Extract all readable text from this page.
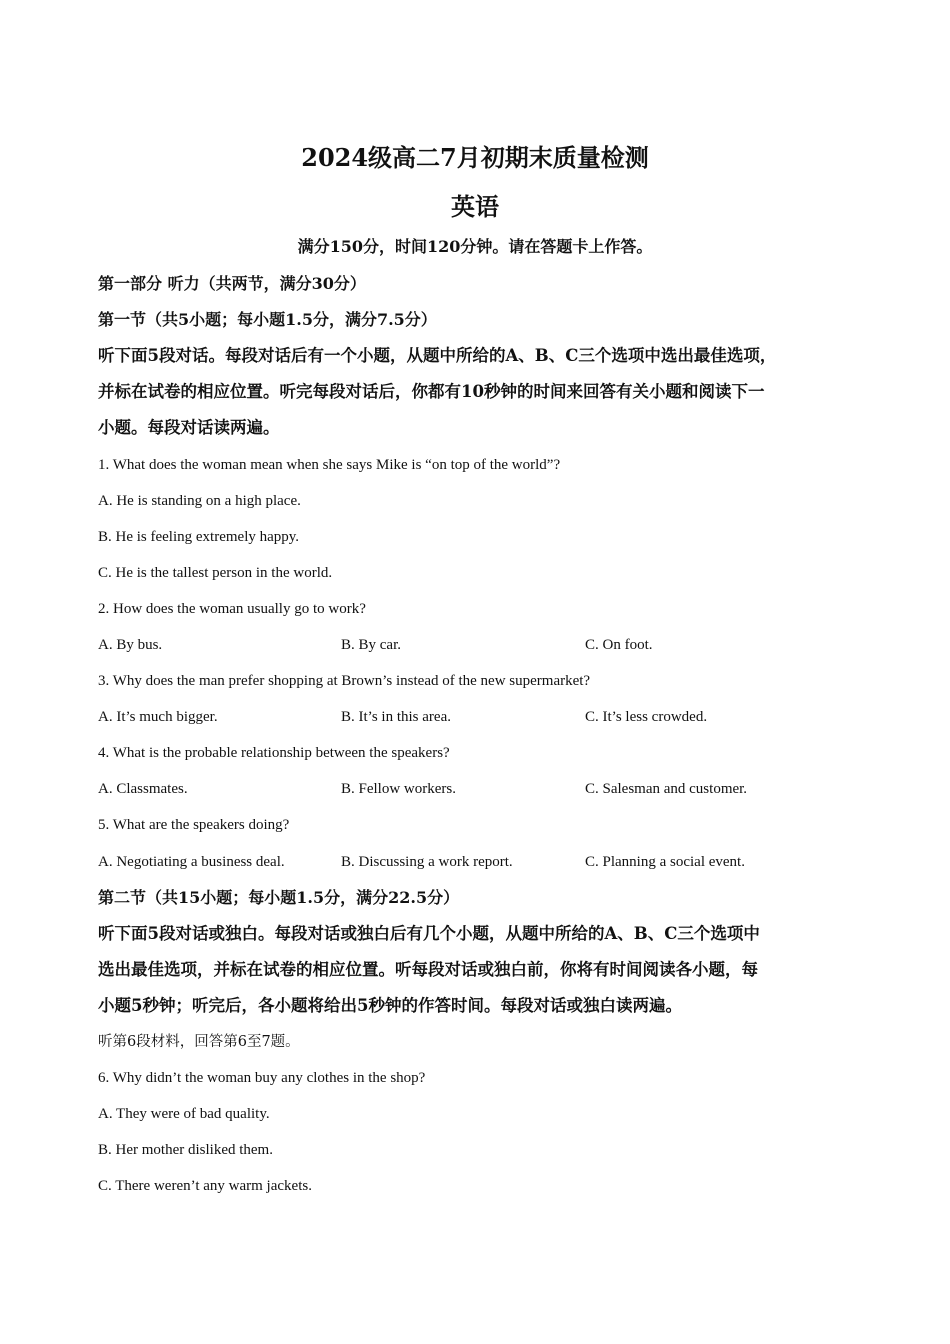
2024级高二7月初期末质量检测
英语
满分150分，时间120分钟。请在答题卡上作答。
第一部分 听力（共两节，满分30分）
第一节（共5小题；每小题1.5分，满分7.5分）
听下面5段对话。每段对话后有一个小题，从题中所给的A、B、C三个选项中选出最佳选项，
并标在试卷的相应位置。听完每段对话后，你都有10秒钟的时间来回答有关小题和阅读下一
小题。每段对话读两遍。
1. What does the woman mean when she says Mike is “on top of the world”?
A. He is standing on a high place.
B. He is feeling extremely happy.
C. He is the tallest person in the world.
2. How does the woman usually go to work?
A. By bus.	B. By car.	C. On foot.
3. Why does the man prefer shopping at Brown’s instead of the new supermarket?
A. It’s much bigger.	B. It’s in this area.	C. It’s less crowded.
4. What is the probable relationship between the speakers?
A. Classmates.	B. Fellow workers.	C. Salesman and customer.
5. What are the speakers doing?
A. Negotiating a business deal.	B. Discussing a work report.	C. Planning a social event.
第二节（共15小题；每小题1.5分，满分22.5分）
听下面5段对话或独白。每段对话或独白后有几个小题，从题中所给的A、B、C三个选项中
选出最佳选项，并标在试卷的相应位置。听每段对话或独白前，你将有时间阅读各小题，每
小题5秒钟；听完后，各小题将给出5秒钟的作答时间。每段对话或独白读两遍。
听第6段材料，回答第6至7题。
6. Why didn’t the woman buy any clothes in the shop?
A. They were of bad quality.
B. Her mother disliked them.
C. There weren’t any warm jackets.
